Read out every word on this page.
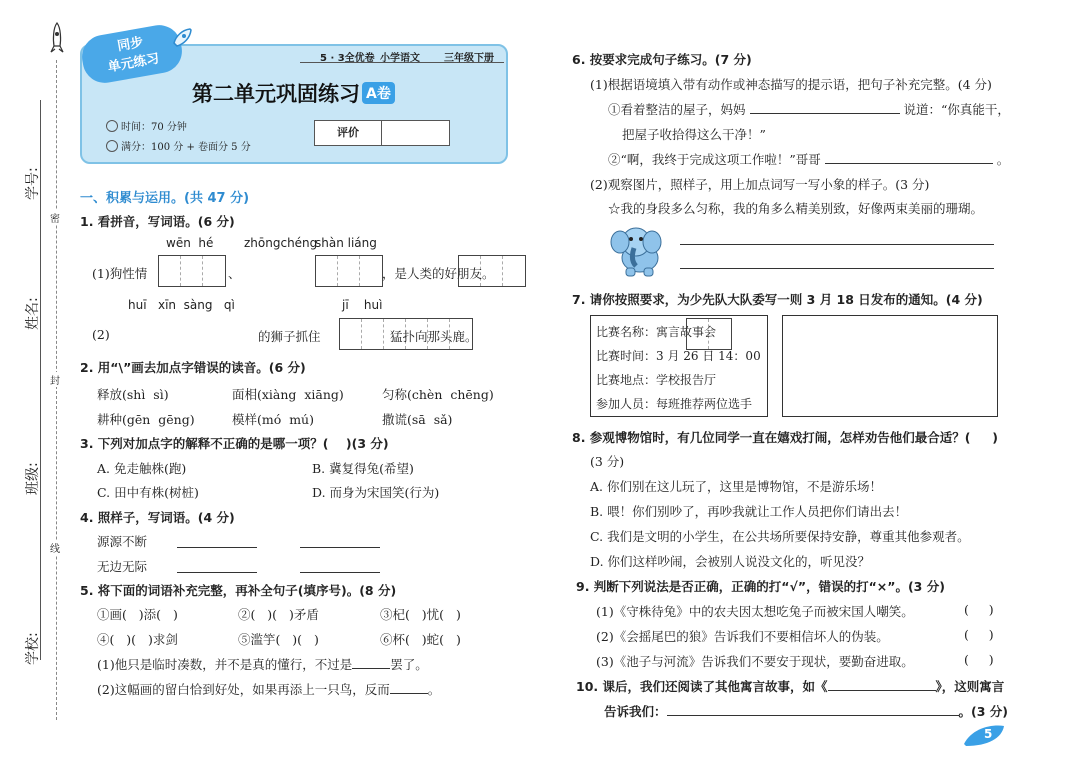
学号:
姓名:
班级:
学校:
密
封
线
同步
单元练习	5 · 3全优卷 小学语文 三年级下册
第二单元巩固练习 A卷
时间：70 分钟
满分：100 分 + 卷面分 5 分
评价
一、积累与运用。(共 47 分)
1. 看拼音，写词语。(6 分)
wēn  hé	zhōngchéng
shàn liáng
(1)狗性情
	、
	，是人类的好朋友。
huī   xīn  sàng   qì	jī    huì
(2)
	的狮子抓住	猛扑向那头鹿。
2. 用“\”画去加点字错误的读音。(6 分)
释放(shì  sì)	面相(xiàng  xiāng)	匀称(chèn  chēng)
耕种(gēn  gēng)	模样(mó  mú)	撒谎(sā  sǎ)
3. 下列对加点字的解释不正确的是哪一项？(    )(3 分)
A. 免走触株(跑)	B. 冀复得兔(希望)
C. 田中有株(树桩)	D. 而身为宋国笑(行为)
4. 照样子，写词语。(4 分)
源源不断
无边无际
5. 将下面的词语补充完整，再补全句子(填序号)。(8 分)
①画(   )添(   )	②(   )(   )矛盾	③杞(   )忧(   )
④(   )(   )求剑	⑤滥竽(   )(   )	⑥杯(   )蛇(   )
(1)他只是临时凑数，并不是真的懂行，不过是	罢了。
(2)这幅画的留白恰到好处，如果再添上一只鸟，反而	。
6. 按要求完成句子练习。(7 分)
(1)根据语境填入带有动作或神态描写的提示语，把句子补充完整。(4 分)
①看着整洁的屋子，妈妈	说道：“你真能干，
把屋子收拾得这么干净！”
②“啊，我终于完成这项工作啦！”哥哥	。
(2)观察图片，照样子，用上加点词写一写小象的样子。(3 分)
☆我的身段多么匀称，我的角多么精美别致，好像两束美丽的珊瑚。
7. 请你按照要求，为少先队大队委写一则 3 月 18 日发布的通知。(4 分)
比赛名称：寓言故事会
比赛时间：3 月 26 日 14：00
比赛地点：学校报告厅
参加人员：每班推荐两位选手
8. 参观博物馆时，有几位同学一直在嬉戏打闹，怎样劝告他们最合适？(     )
(3 分)
A. 你们别在这儿玩了，这里是博物馆，不是游乐场！
B. 喂！你们别吵了，再吵我就让工作人员把你们请出去！
C. 我们是文明的小学生，在公共场所要保持安静，尊重其他参观者。
D. 你们这样吵闹，会被别人说没文化的，听见没？
9. 判断下列说法是否正确，正确的打“√”，错误的打“×”。(3 分)
(1)《守株待兔》中的农夫因太想吃兔子而被宋国人嘲笑。	(     )
(2)《会摇尾巴的狼》告诉我们不要相信坏人的伪装。	(     )
(3)《池子与河流》告诉我们不要安于现状，要勤奋进取。	(     )
10. 课后，我们还阅读了其他寓言故事，如《	》，这则寓言
告诉我们：	。(3 分)
5
